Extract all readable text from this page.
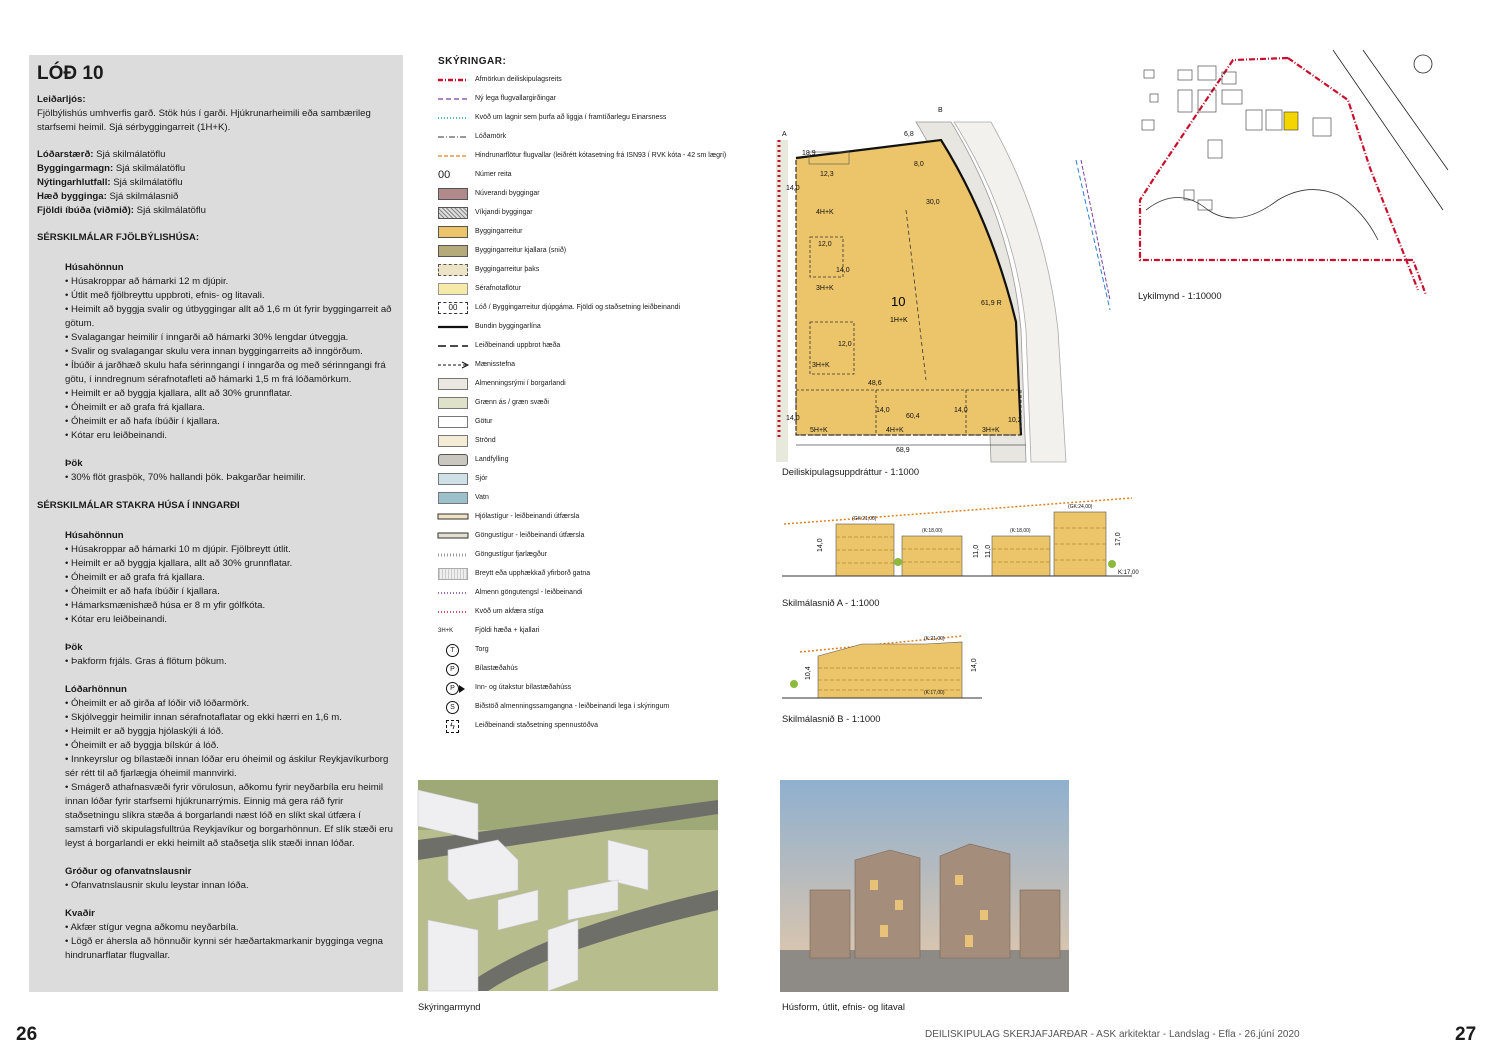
LÓÐ 10

Leiðarljós:

Fjölbýlishús umhverfis garð. Stök hús í garði. Hjúkrunarheimili eða sambærileg starfsemi heimil. Sjá sérbyggingarreit (1H+K).

Lóðarstærð: Sjá skilmálatöflu

Byggingarmagn: Sjá skilmálatöflu

Nýtingarhlutfall: Sjá skilmálatöflu

Hæð bygginga: Sjá skilmálasnið

Fjöldi íbúða (viðmið): Sjá skilmálatöflu

SÉRSKILMÁLAR FJÖLBÝLISHÚSA:

Húsahönnun

• Húsakroppar að hámarki 12 m djúpir.

• Útlit með fjölbreyttu uppbroti, efnis- og litavali.

• Heimilt að byggja svalir og útbyggingar allt að 1,6 m út fyrir byggingarreit að götum.

• Svalagangar heimilir í inngarði að hámarki 30% lengdar útveggja.

• Svalir og svalagangar skulu vera innan byggingarreits að inngörðum.

• Íbúðir á jarðhæð skulu hafa sérinngangi í inngarða og með sérinngangi frá götu, í inndregnum sérafnotafleti að hámarki 1,5 m frá lóðamörkum.

• Heimilt er að byggja kjallara, allt að 30% grunnflatar.

• Óheimilt er að grafa frá kjallara.

• Óheimilt er að hafa íbúðir í kjallara.

• Kótar eru leiðbeinandi.

Þök

• 30% flöt grasþök, 70% hallandi þök. Þakgarðar heimilir.

SÉRSKILMÁLAR STAKRA HÚSA Í INNGARÐI

Húsahönnun

• Húsakroppar að hámarki 10 m djúpir. Fjölbreytt útlit.

• Heimilt er að byggja kjallara, allt að 30% grunnflatar.

• Óheimilt er að grafa frá kjallara.

• Óheimilt er að hafa íbúðir í kjallara.

• Hámarksmænishæð húsa er 8 m yfir gólfkóta.

• Kótar eru leiðbeinandi.

Þök

• Þakform frjáls. Gras á flötum þökum.

Lóðarhönnun

• Óheimilt er að girða af lóðir við lóðarmörk.

• Skjólveggir heimilir innan sérafnotaflatar og ekki hærri en 1,6 m.

• Heimilt er að byggja hjólaskýli á lóð.

• Óheimilt er að byggja bílskúr á lóð.

• Innkeyrslur og bílastæði innan lóðar eru óheimil og áskilur Reykjavíkurborg sér rétt til að fjarlægja óheimil mannvirki.

• Smágerð athafnasvæði fyrir vörulosun, aðkomu fyrir neyðarbíla eru heimil innan lóðar fyrir starfsemi hjúkrunarrýmis. Einnig má gera ráð fyrir staðsetningu slíkra stæða á borgarlandi næst lóð en slíkt skal útfæra í samstarfi við skipulagsfulltrúa Reykjavíkur og borgarhönnun. Ef slík stæði eru leyst á borgarlandi er ekki heimilt að staðsetja slík stæði innan lóðar.

Gróður og ofanvatnslausnir

• Ofanvatnslausnir skulu leystar innan lóða.

Kvaðir

• Akfær stígur vegna aðkomu neyðarbíla.

• Lögð er áhersla að hönnuðir kynni sér hæðartakmarkanir bygginga vegna hindrunarflatar flugvallar.

SKÝRINGAR:
Afmörkun deiliskipulagsreits
Ný lega flugvallargirðingar
Kvöð um lagnir sem þurfa að liggja í framtíðarlegu Einarsness
Lóðamörk
Hindrunarflötur flugvallar (leiðrétt kótasetning frá ISN93 í RVK kóta - 42 sm lægri)
00	Númer reita
Núverandi byggingar
Víkjandi byggingar
Byggingarreitur
Byggingarreitur kjallara (snið)
Byggingarreitur þaks
Sérafnotaflötur
00	Lóð / Byggingarreitur djúpgáma. Fjöldi og staðsetning leiðbeinandi
Bundin byggingarlína
Leiðbeinandi uppbrot hæða
Mænisstefna
Almenningsrými í borgarlandi
Grænn ás / græn svæði
Götur
Strönd
Landfylling
Sjór
Vatn
Hjólastígur - leiðbeinandi útfærsla
Göngustígur - leiðbeinandi útfærsla
Göngustígur fjarlægður
Breytt eða upphækkað yfirborð gatna
Almenn göngutengsl - leiðbeinandi
Kvöð um akfæra stíga
3H+K	Fjöldi hæða + kjallari
T	Torg
P	Bílastæðahús
P	Inn- og útakstur bílastæðahúss
S	Biðstöð almenningssamgangna - leiðbeinandi lega í skýringum
ϟ	Leiðbeinandi staðsetning spennustöðva
10
1H+K
18,9
12,3
6,8
8,0
30,0
14,0
12,0
14,0
14,0
12,0
48,6
60,4
14,0	14,0
10,2
68,9
61,9 R
4H+K
3H+K
3H+K
5H+K	4H+K	3H+K
A
B
Deiliskipulagsuppdráttur - 1:1000
Lykilmynd - 1:10000
14,0	11,0 11,0
17,0
K:17,00
(GK:21,00)
(K:18,00)	(K:18,00)
(GK:24,00)
Skilmálasnið A - 1:1000
10,4
14,0
(K:21,00)
(K:17,00)
Skilmálasnið B - 1:1000
Skýringarmynd	Húsform, útlit, efnis- og litaval
26	DEILISKIPULAG SKERJAFJARÐAR - ASK arkitektar - Landslag - Efla - 26.júní 2020	27
